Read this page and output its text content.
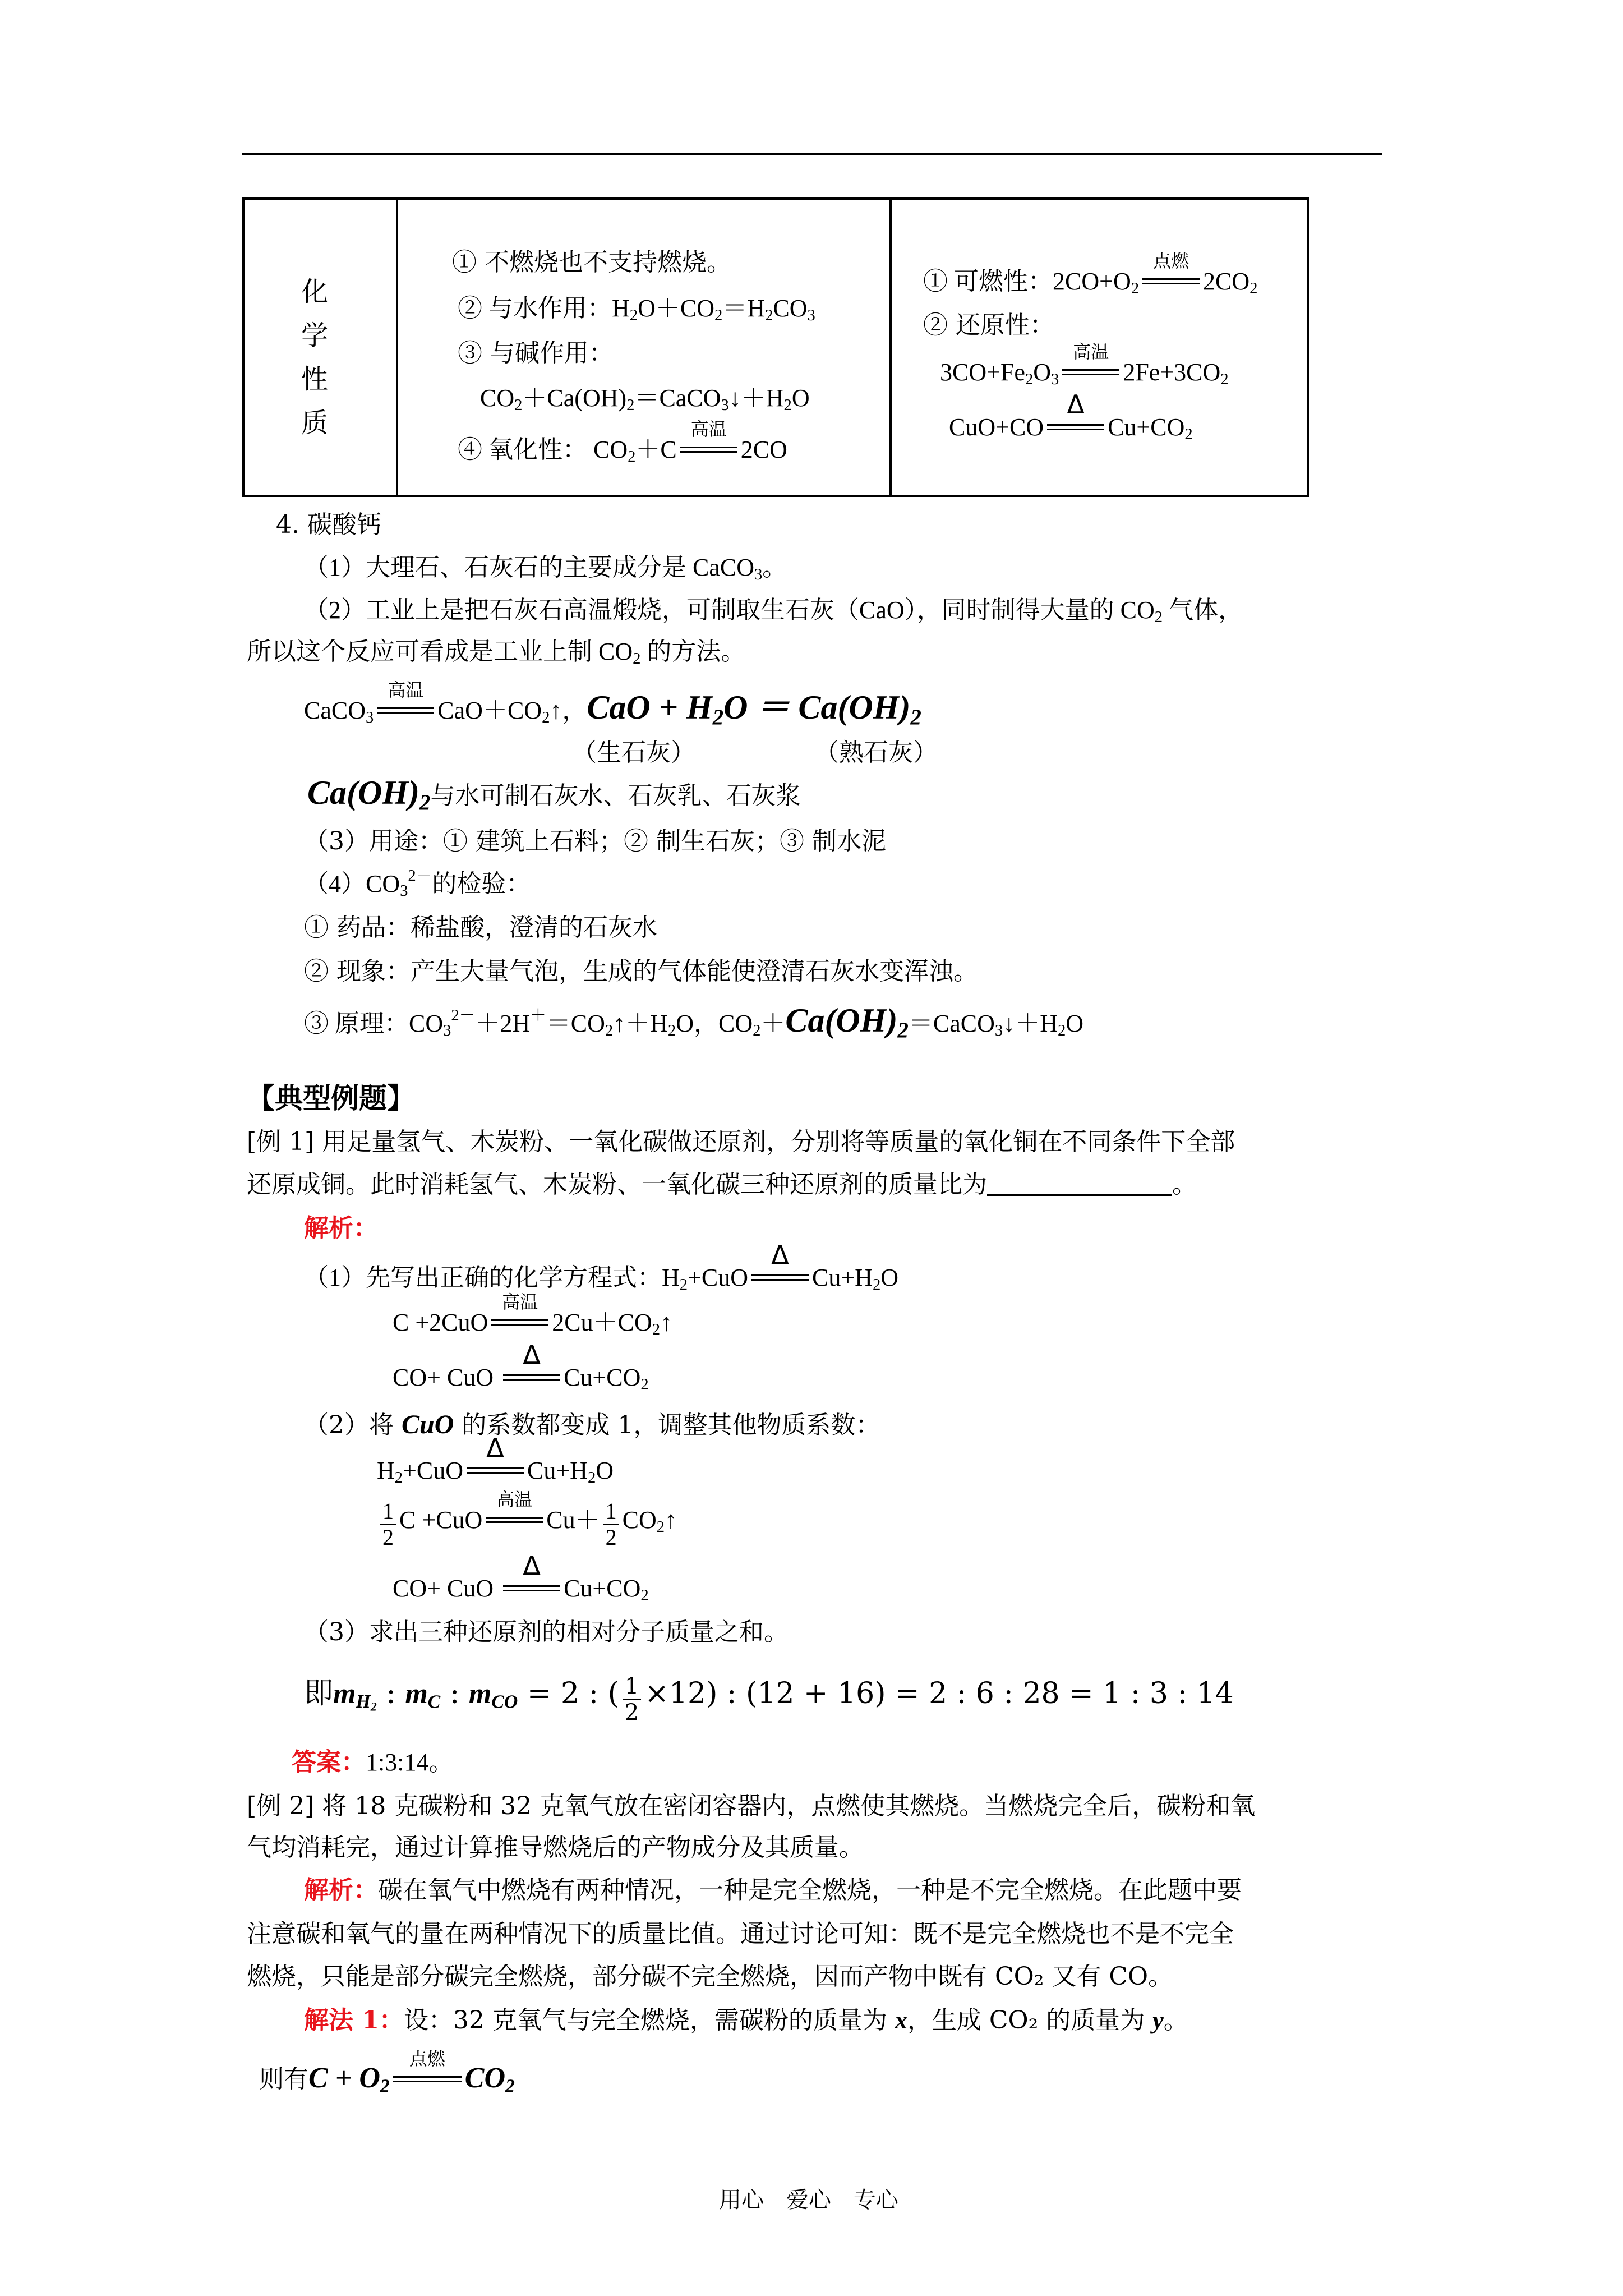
化学性质
① 不燃烧也不支持燃烧。
② 与水作用：$H_2O+CO_2=H_2CO_3$
③ 与碱作用：
$CO_2+Ca(OH)_2=CaCO_3↓+H_2O$
④ 氧化性： $CO_2+C$
高温
2CO
① 可燃性：$2CO+O_2$
点燃
$2CO_2$
② 还原性：
$3CO+Fe_2O_3$
高温
$2Fe+3CO_2$
CuO+CO
Δ
$Cu+CO_2$
4. 碳酸钙
（1）大理石、石灰石的主要成分是 CaCO$_3$。
（2）工业上是把石灰石高温煅烧，可制取生石灰（CaO），同时制得大量的 $CO_2$ 气体，
所以这个反应可看成是工业上制 $CO_2$ 的方法。
CaCO$_3$
高温
$CaO+CO_2↑$，CaO + $H_2O = Ca(OH)_2$
（生石灰）	（熟石灰）
$Ca(OH)_2$与水可制石灰水、石灰乳、石灰浆
（3）用途：① 建筑上石料；② 制生石灰；③ 制水泥
$(4)CO_3^{2-}$的检验：
① 药品：稀盐酸，澄清的石灰水
② 现象：产生大量气泡，生成的气体能使澄清石灰水变浑浊。
③ 原理：$CO_3^{2-}+2H^+=CO_2↑+H_2O$，$CO_2+Ca(OH)_2=CaCO_3↓+H_2O$
【典型例题】
[例 1] 用足量氢气、木炭粉、一氧化碳做还原剂，分别将等质量的氧化铜在不同条件下全部
还原成铜。此时消耗氢气、木炭粉、一氧化碳三种还原剂的质量比为	。
解析：
（1）先写出正确的化学方程式：$H_2+CuO$
Δ
$Cu+H_2O$
C +2CuO
高温
$2Cu+CO_2↑$
CO+ CuO
Δ
$Cu+CO_2$
（2）将 CuO 的系数都变成 1，调整其他物质系数：
$H_2+CuO$
Δ
$Cu+H_2O$
$\frac{1}{2}$ C +CuO
高温
$Cu+ \frac{1}{2}$ $CO_2↑$
CO+ CuO
Δ
$Cu+CO_2$
（3）求出三种还原剂的相对分子质量之和。
即$m_{H_2}$ : $m_C$ : $m_{CO} = 2$ : ( $\frac{1}{2} \times 12$) : (12 + 16) = 2 : 6 : 28 = 1 : 3 : 14
答案：1:3:14。
[例 2] 将 18 克碳粉和 32 克氧气放在密闭容器内，点燃使其燃烧。当燃烧完全后，碳粉和氧
气均消耗完，通过计算推导燃烧后的产物成分及其质量。
解析：碳在氧气中燃烧有两种情况，一种是完全燃烧，一种是不完全燃烧。在此题中要
注意碳和氧气的量在两种情况下的质量比值。通过讨论可知：既不是完全燃烧也不是不完全
燃烧，只能是部分碳完全燃烧，部分碳不完全燃烧，因而产物中既有 CO₂ 又有 CO。
解法 1：设：32 克氧气与完全燃烧，需碳粉的质量为 x，生成 CO₂ 的质量为 y。
则有$C + O_2$
点燃
$CO_2$
用心　爱心　专心
